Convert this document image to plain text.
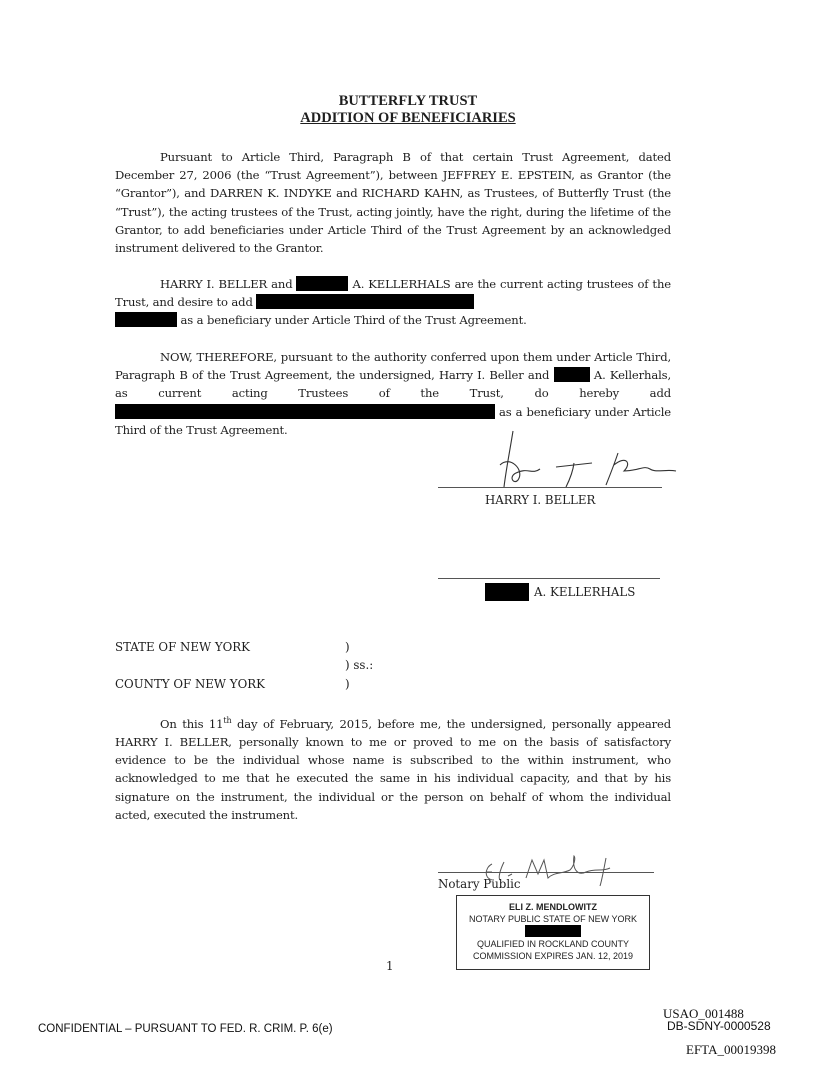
BUTTERFLY TRUST
ADDITION OF BENEFICIARIES

Pursuant to Article Third, Paragraph B of that certain Trust Agreement, dated December 27, 2006 (the “Trust Agreement”), between JEFFREY E. EPSTEIN, as Grantor (the “Grantor”), and DARREN K. INDYKE and RICHARD KAHN, as Trustees, of Butterfly Trust (the “Trust”), the acting trustees of the Trust, acting jointly, have the right, during the lifetime of the Grantor, to add beneficiaries under Article Third of the Trust Agreement by an acknowledged instrument delivered to the Grantor.

HARRY I. BELLER and	A. KELLERHALS are the current acting trustees of the Trust, and desire to add
as a beneficiary under Article Third of the Trust Agreement.

NOW, THEREFORE, pursuant to the authority conferred upon them under Article Third, Paragraph B of the Trust Agreement, the undersigned, Harry I. Beller and	A. Kellerhals, as current acting Trustees of the Trust, do hereby add  as a beneficiary under Article Third of the Trust Agreement.

HARRY I. BELLER
A. KELLERHALS
STATE OF NEW YORK	)
) ss.:
COUNTY OF NEW YORK	)

On this 11th day of February, 2015, before me, the undersigned, personally appeared HARRY I. BELLER, personally known to me or proved to me on the basis of satisfactory evidence to be the individual whose name is subscribed to the within instrument, who acknowledged to me that he executed the same in his individual capacity, and that by his signature on the instrument, the individual or the person on behalf of whom the individual acted, executed the instrument.

Notary Public
ELI Z. MENDLOWITZ
NOTARY PUBLIC STATE OF NEW YORK
QUALIFIED IN ROCKLAND COUNTY
COMMISSION EXPIRES JAN. 12, 2019
1
CONFIDENTIAL – PURSUANT TO FED. R. CRIM. P. 6(e)
USAO_001488
DB-SDNY-0000528
EFTA_00019398
